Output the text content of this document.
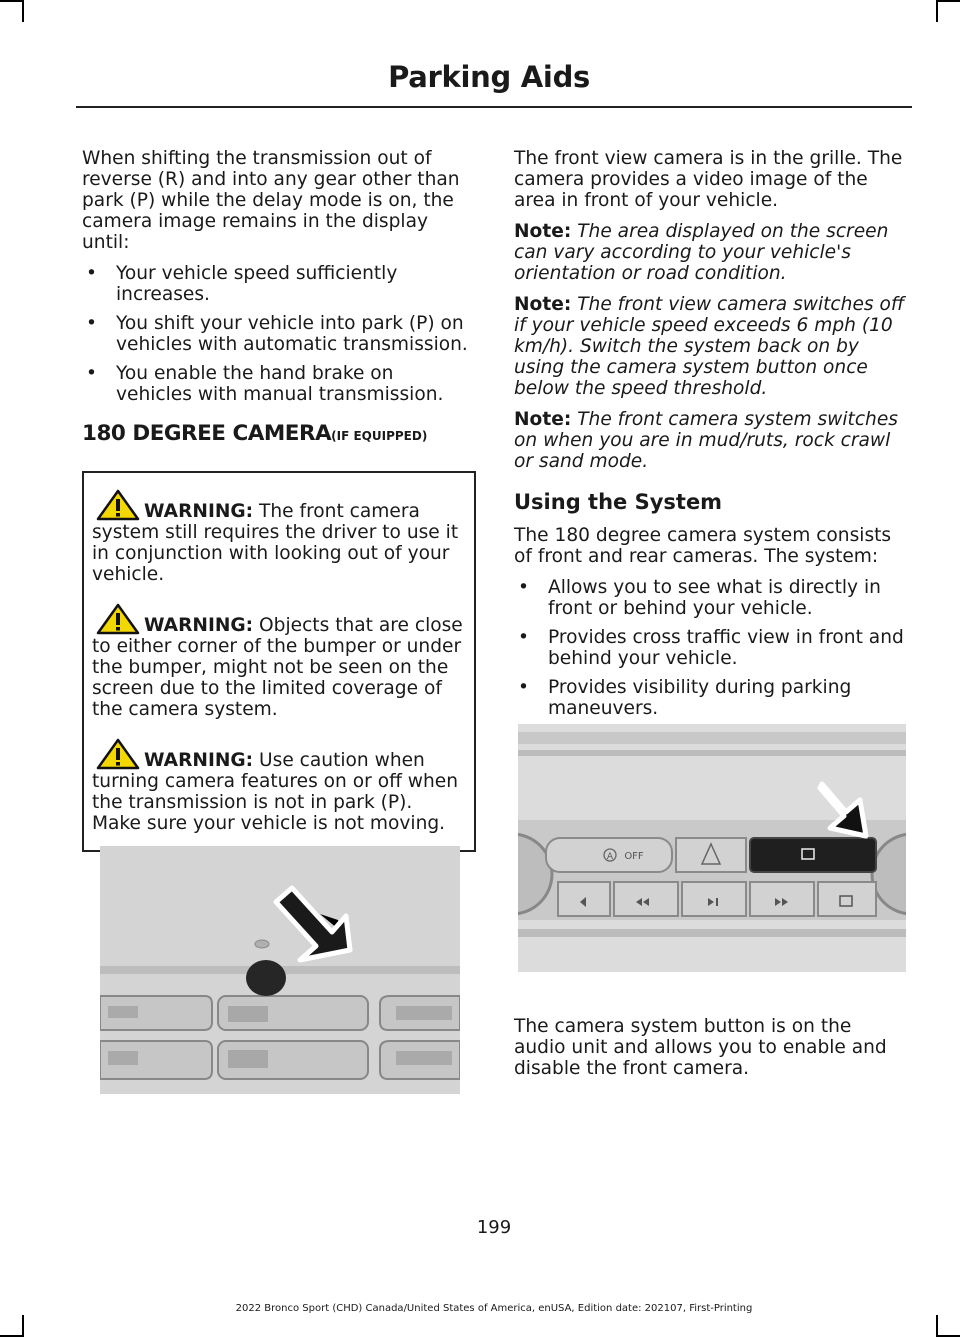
Parking Aids

When shifting the transmission out of reverse (R) and into any gear other than park (P) while the delay mode is on, the camera image remains in the display until:

• Your vehicle speed sufficiently increases.
• You shift your vehicle into park (P) on vehicles with automatic transmission.
• You enable the hand brake on vehicles with manual transmission.
180 DEGREE CAMERA(IF EQUIPPED)
WARNING: The front camera system still requires the driver to use it in conjunction with looking out of your vehicle.
WARNING: Objects that are close to either corner of the bumper or under the bumper, might not be seen on the screen due to the limited coverage of the camera system.
WARNING: Use caution when turning camera features on or off when the transmission is not in park (P). Make sure your vehicle is not moving.

The front view camera is in the grille. The camera provides a video image of the area in front of your vehicle.

Note: The area displayed on the screen can vary according to your vehicle's orientation or road condition.

Note: The front view camera switches off if your vehicle speed exceeds 6 mph (10 km/h). Switch the system back on by using the camera system button once below the speed threshold.

Note: The front camera system switches on when you are in mud/ruts, rock crawl or sand mode.

Using the System

The 180 degree camera system consists of front and rear cameras. The system:

• Allows you to see what is directly in front or behind your vehicle.
• Provides cross traffic view in front and behind your vehicle.
• Provides visibility during parking maneuvers.
A OFF
The camera system button is on the audio unit and allows you to enable and disable the front camera.
199
2022 Bronco Sport (CHD) Canada/United States of America, enUSA, Edition date: 202107, First-Printing
